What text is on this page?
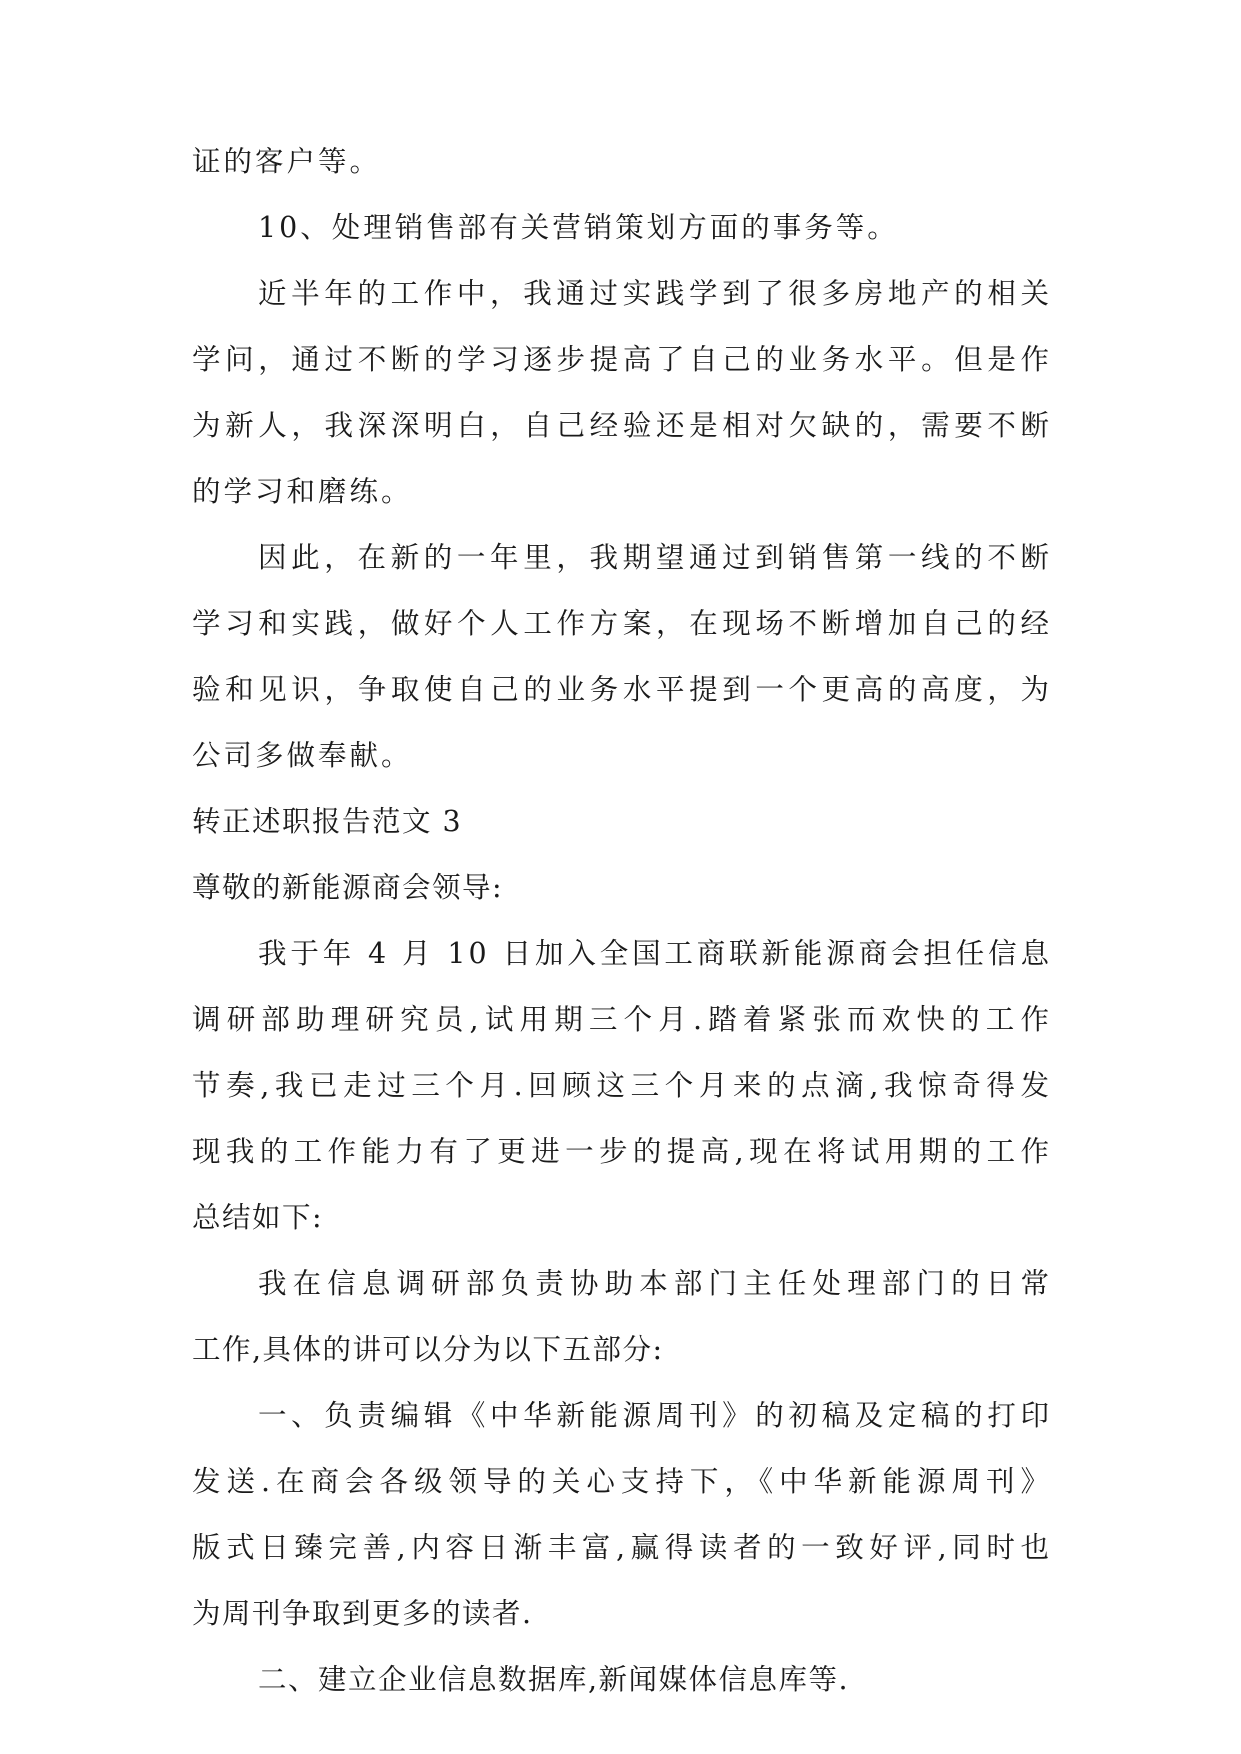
证的客户等。
10、处理销售部有关营销策划方面的事务等。
近半年的工作中，我通过实践学到了很多房地产的相关
学问，通过不断的学习逐步提高了自己的业务水平。但是作
为新人，我深深明白，自己经验还是相对欠缺的，需要不断
的学习和磨练。
因此，在新的一年里，我期望通过到销售第一线的不断
学习和实践，做好个人工作方案，在现场不断增加自己的经
验和见识，争取使自己的业务水平提到一个更高的高度，为
公司多做奉献。
转正述职报告范文 3
尊敬的新能源商会领导:
我于年 4 月 10 日加入全国工商联新能源商会担任信息
调研部助理研究员,试用期三个月.踏着紧张而欢快的工作
节奏,我已走过三个月.回顾这三个月来的点滴,我惊奇得发
现我的工作能力有了更进一步的提高,现在将试用期的工作
总结如下:
我在信息调研部负责协助本部门主任处理部门的日常
工作,具体的讲可以分为以下五部分:
一、负责编辑《中华新能源周刊》的初稿及定稿的打印
发送.在商会各级领导的关心支持下，《中华新能源周刊》
版式日臻完善,内容日渐丰富,赢得读者的一致好评,同时也
为周刊争取到更多的读者.
二、建立企业信息数据库,新闻媒体信息库等.
